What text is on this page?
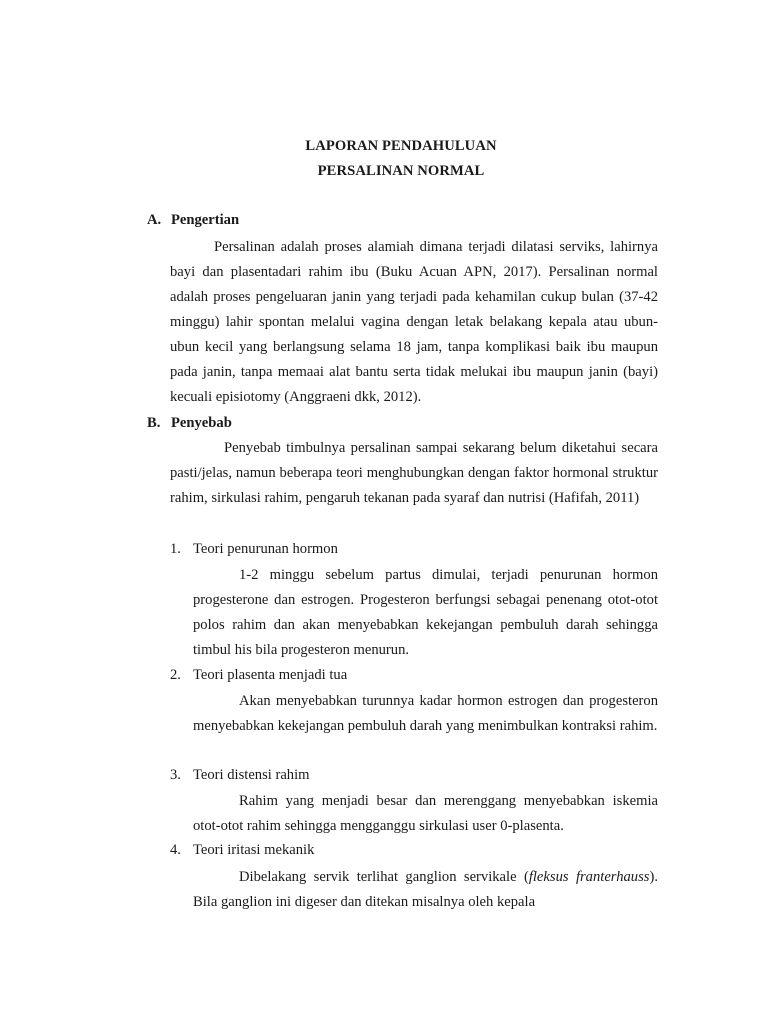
LAPORAN PENDAHULUAN
PERSALINAN NORMAL
A. Pengertian
Persalinan adalah proses alamiah dimana terjadi dilatasi serviks, lahirnya bayi dan plasentadari rahim ibu (Buku Acuan APN, 2017). Persalinan normal adalah proses pengeluaran janin yang terjadi pada kehamilan cukup bulan (37-42 minggu) lahir spontan melalui vagina dengan letak belakang kepala atau ubun-ubun kecil yang berlangsung selama 18 jam, tanpa komplikasi baik ibu maupun pada janin, tanpa memaai alat bantu serta tidak melukai ibu maupun janin (bayi) kecuali episiotomy (Anggraeni dkk, 2012).
B. Penyebab
Penyebab timbulnya persalinan sampai sekarang belum diketahui secara pasti/jelas, namun beberapa teori menghubungkan dengan faktor hormonal struktur rahim, sirkulasi rahim, pengaruh tekanan pada syaraf dan nutrisi (Hafifah, 2011)
1. Teori penurunan hormon
1-2 minggu sebelum partus dimulai, terjadi penurunan hormon progesterone dan estrogen. Progesteron berfungsi sebagai penenang otot-otot polos rahim dan akan menyebabkan kekejangan pembuluh darah sehingga timbul his bila progesteron menurun.
2. Teori plasenta menjadi tua
Akan menyebabkan turunnya kadar hormon estrogen dan progesteron menyebabkan kekejangan pembuluh darah yang menimbulkan kontraksi rahim.
3. Teori distensi rahim
Rahim yang menjadi besar dan merenggang menyebabkan iskemia otot-otot rahim sehingga mengganggu sirkulasi user 0-plasenta.
4. Teori iritasi mekanik
Dibelakang servik terlihat ganglion servikale (fleksus franterhauss). Bila ganglion ini digeser dan ditekan misalnya oleh kepala
